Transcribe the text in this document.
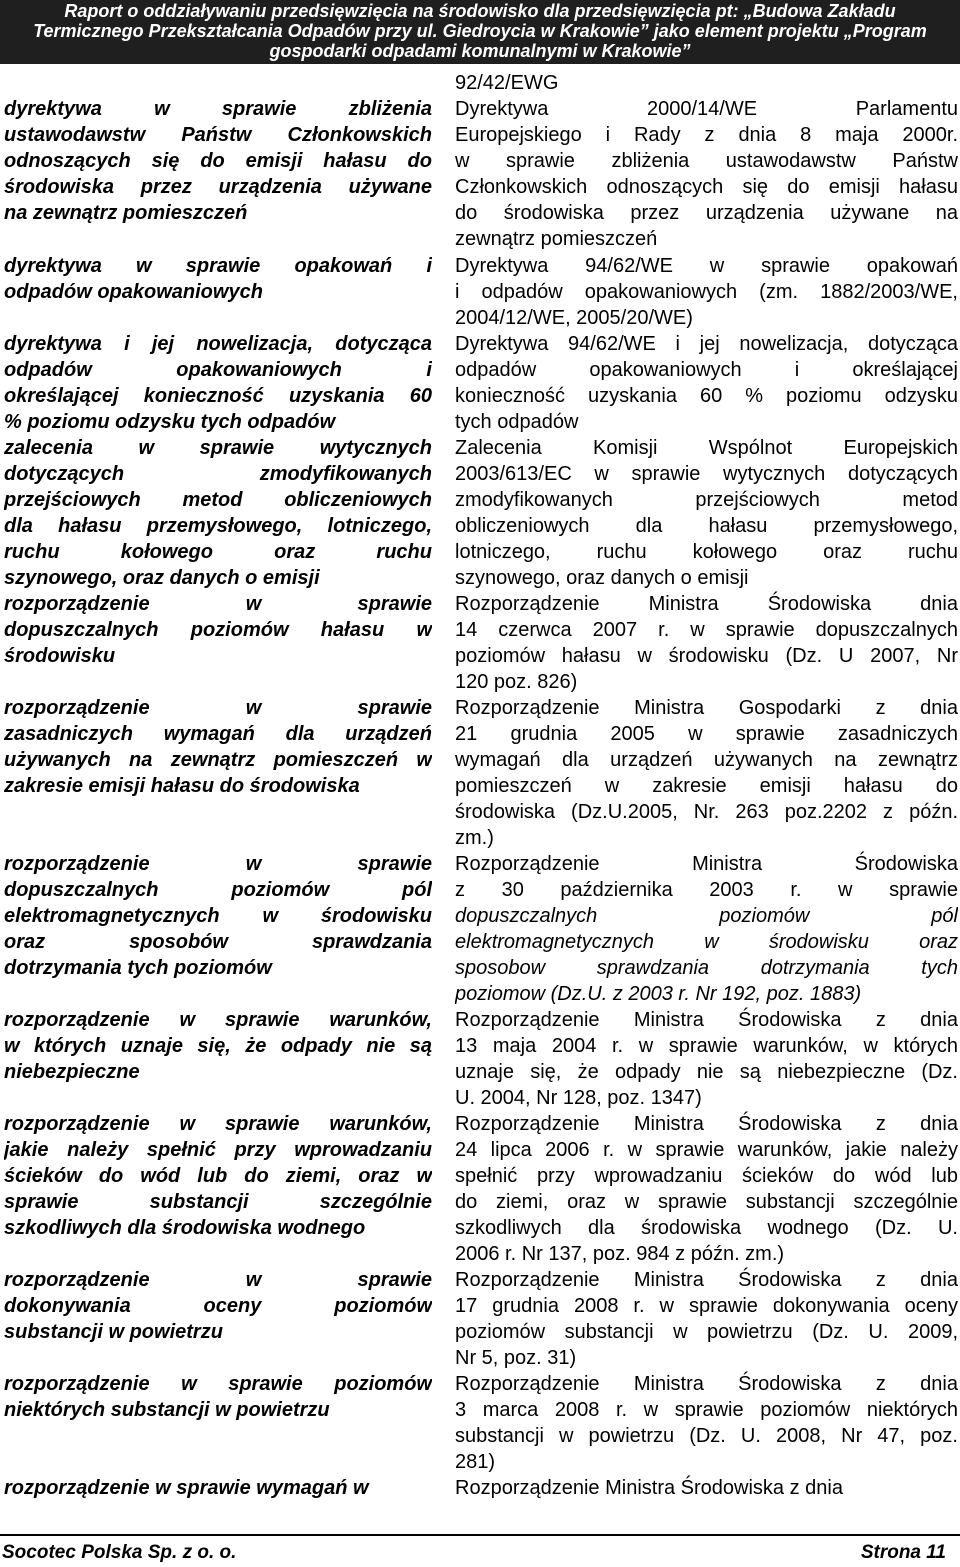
Raport o oddziaływaniu przedsięwzięcia na środowisko dla przedsięwzięcia pt: „Budowa Zakładu
Termicznego Przekształcania Odpadów przy ul. Giedroycia w Krakowie” jako element projektu „Program
gospodarki odpadami komunalnymi w Krakowie”
92/42/EWG
dyrektywa w sprawie zbliżenia
ustawodawstw Państw Członkowskich
odnoszących się do emisji hałasu do
środowiska przez urządzenia używane
na zewnątrz pomieszczeń
Dyrektywa 2000/14/WE Parlamentu
Europejskiego i Rady z dnia 8 maja 2000r.
w sprawie zbliżenia ustawodawstw Państw
Członkowskich odnoszących się do emisji hałasu
do środowiska przez urządzenia używane na
zewnątrz pomieszczeń
dyrektywa w sprawie opakowań i
odpadów opakowaniowych
Dyrektywa 94/62/WE w sprawie opakowań
i odpadów opakowaniowych (zm. 1882/2003/WE,
2004/12/WE, 2005/20/WE)
dyrektywa i jej nowelizacja, dotycząca
odpadów opakowaniowych i
określającej konieczność uzyskania 60
% poziomu odzysku tych odpadów
Dyrektywa 94/62/WE i jej nowelizacja, dotycząca
odpadów opakowaniowych i określającej
konieczność uzyskania 60 % poziomu odzysku
tych odpadów
zalecenia w sprawie wytycznych
dotyczących zmodyfikowanych
przejściowych metod obliczeniowych
dla hałasu przemysłowego, lotniczego,
ruchu kołowego oraz ruchu
szynowego, oraz danych o emisji
Zalecenia Komisji Wspólnot Europejskich
2003/613/EC w sprawie wytycznych dotyczących
zmodyfikowanych przejściowych metod
obliczeniowych dla hałasu przemysłowego,
lotniczego, ruchu kołowego oraz ruchu
szynowego, oraz danych o emisji
rozporządzenie w sprawie
dopuszczalnych poziomów hałasu w
środowisku
Rozporządzenie Ministra Środowiska dnia
14 czerwca 2007 r. w sprawie dopuszczalnych
poziomów hałasu w środowisku (Dz. U 2007, Nr
120 poz. 826)
rozporządzenie w sprawie
zasadniczych wymagań dla urządzeń
używanych na zewnątrz pomieszczeń w
zakresie emisji hałasu do środowiska
Rozporządzenie Ministra Gospodarki z dnia
21 grudnia 2005 w sprawie zasadniczych
wymagań dla urządzeń używanych na zewnątrz
pomieszczeń w zakresie emisji hałasu do
środowiska (Dz.U.2005, Nr. 263 poz.2202 z późn.
zm.)
rozporządzenie w sprawie
dopuszczalnych poziomów pól
elektromagnetycznych w środowisku
oraz sposobów sprawdzania
dotrzymania tych poziomów
Rozporządzenie Ministra Środowiska
z 30 października 2003 r. w sprawie
dopuszczalnych poziomów pól
elektromagnetycznych w środowisku oraz
sposobow sprawdzania dotrzymania tych
poziomow (Dz.U. z 2003 r. Nr 192, poz. 1883)
rozporządzenie w sprawie warunków,
w których uznaje się, że odpady nie są
niebezpieczne
Rozporządzenie Ministra Środowiska z dnia
13 maja 2004 r. w sprawie warunków, w których
uznaje się, że odpady nie są niebezpieczne (Dz.
U. 2004, Nr 128, poz. 1347)
rozporządzenie w sprawie warunków,
jakie należy spełnić przy wprowadzaniu
ścieków do wód lub do ziemi, oraz w
sprawie substancji szczególnie
szkodliwych dla środowiska wodnego
Rozporządzenie Ministra Środowiska z dnia
24 lipca 2006 r. w sprawie warunków, jakie należy
spełnić przy wprowadzaniu ścieków do wód lub
do ziemi, oraz w sprawie substancji szczególnie
szkodliwych dla środowiska wodnego (Dz. U.
2006 r. Nr 137, poz. 984 z późn. zm.)
rozporządzenie w sprawie
dokonywania oceny poziomów
substancji w powietrzu
Rozporządzenie Ministra Środowiska z dnia
17 grudnia 2008 r. w sprawie dokonywania oceny
poziomów substancji w powietrzu (Dz. U. 2009,
Nr 5, poz. 31)
rozporządzenie w sprawie poziomów
niektórych substancji w powietrzu
Rozporządzenie Ministra Środowiska z dnia
3 marca 2008 r. w sprawie poziomów niektórych
substancji w powietrzu (Dz. U. 2008, Nr 47, poz.
281)
rozporządzenie w sprawie wymagań w	Rozporządzenie Ministra Środowiska z dnia
Socotec Polska Sp. z o. o.	Strona 11
